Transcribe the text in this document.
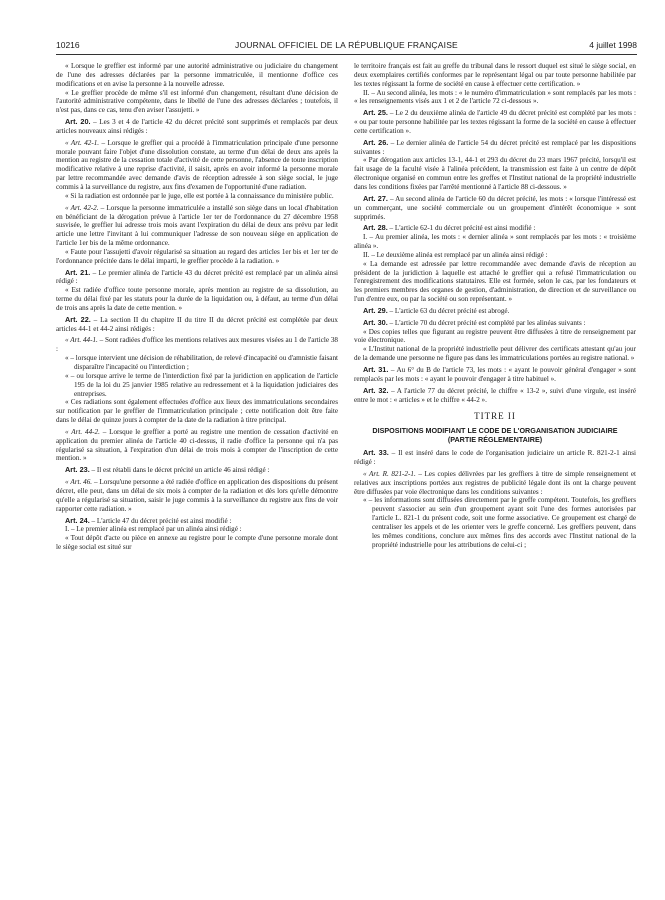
10216	JOURNAL OFFICIEL DE LA RÉPUBLIQUE FRANÇAISE	4 juillet 1998

« Lorsque le greffier est informé par une autorité administrative ou judiciaire du changement de l'une des adresses déclarées par la personne immatriculée, il mentionne d'office ces modifications et en avise la personne à la nouvelle adresse.

« Le greffier procède de même s'il est informé d'un changement, résultant d'une décision de l'autorité administrative compétente, dans le libellé de l'une des adresses déclarées ; toutefois, il n'est pas, dans ce cas, tenu d'en aviser l'assujetti. »

Art. 20. – Les 3 et 4 de l'article 42 du décret précité sont supprimés et remplacés par deux articles nouveaux ainsi rédigés :

« Art. 42-1. – Lorsque le greffier qui a procédé à l'immatriculation principale d'une personne morale pouvant faire l'objet d'une dissolution constate, au terme d'un délai de deux ans après la mention au registre de la cessation totale d'activité de cette personne, l'absence de toute inscription modificative relative à une reprise d'activité, il saisit, après en avoir informé la personne morale par lettre recommandée avec demande d'avis de réception adressée à son siège social, le juge commis à la surveillance du registre, aux fins d'examen de l'opportunité d'une radiation.

« Si la radiation est ordonnée par le juge, elle est portée à la connaissance du ministère public.

« Art. 42-2. – Lorsque la personne immatriculée a installé son siège dans un local d'habitation en bénéficiant de la dérogation prévue à l'article 1er ter de l'ordonnance du 27 décembre 1958 susvisée, le greffier lui adresse trois mois avant l'expiration du délai de deux ans prévu par ledit article une lettre l'invitant à lui communiquer l'adresse de son nouveau siège en application de l'article 1er bis de la même ordonnance.

« Faute pour l'assujetti d'avoir régularisé sa situation au regard des articles 1er bis et 1er ter de l'ordonnance précitée dans le délai imparti, le greffier procède à la radiation. »

Art. 21. – Le premier alinéa de l'article 43 du décret précité est remplacé par un alinéa ainsi rédigé :

« Est radiée d'office toute personne morale, après mention au registre de sa dissolution, au terme du délai fixé par les statuts pour la durée de la liquidation ou, à défaut, au terme d'un délai de trois ans après la date de cette mention. »

Art. 22. – La section II du chapitre II du titre II du décret précité est complétée par deux articles 44-1 et 44-2 ainsi rédigés :

« Art. 44-1. – Sont radiées d'office les mentions relatives aux mesures visées au 1 de l'article 38 :

« – lorsque intervient une décision de réhabilitation, de relevé d'incapacité ou d'amnistie faisant disparaître l'incapacité ou l'interdiction ;
« – ou lorsque arrive le terme de l'interdiction fixé par la juridiction en application de l'article 195 de la loi du 25 janvier 1985 relative au redressement et à la liquidation judiciaires des entreprises.

« Ces radiations sont également effectuées d'office aux lieux des immatriculations secondaires sur notification par le greffier de l'immatriculation principale ; cette notification doit être faite dans le délai de quinze jours à compter de la date de la radiation à titre principal.

« Art. 44-2. – Lorsque le greffier a porté au registre une mention de cessation d'activité en application du premier alinéa de l'article 40 ci-dessus, il radie d'office la personne qui n'a pas régularisé sa situation, à l'expiration d'un délai de trois mois à compter de l'inscription de cette mention. »

Art. 23. – Il est rétabli dans le décret précité un article 46 ainsi rédigé :

« Art. 46. – Lorsqu'une personne a été radiée d'office en application des dispositions du présent décret, elle peut, dans un délai de six mois à compter de la radiation et dès lors qu'elle démontre qu'elle a régularisé sa situation, saisir le juge commis à la surveillance du registre aux fins de voir rapporter cette radiation. »

Art. 24. – L'article 47 du décret précité est ainsi modifié :

I. – Le premier alinéa est remplacé par un alinéa ainsi rédigé :

« Tout dépôt d'acte ou pièce en annexe au registre pour le compte d'une personne morale dont le siège social est situé sur

le territoire français est fait au greffe du tribunal dans le ressort duquel est situé le siège social, en deux exemplaires certifiés conformes par le représentant légal ou par toute personne habilitée par les textes régissant la forme de société en cause à effectuer cette certification. »

II. – Au second alinéa, les mots : « le numéro d'immatriculation » sont remplacés par les mots : « les renseignements visés aux 1 et 2 de l'article 72 ci-dessous ».

Art. 25. – Le 2 du deuxième alinéa de l'article 49 du décret précité est complété par les mots : « ou par toute personne habilitée par les textes régissant la forme de la société en cause à effectuer cette certification ».

Art. 26. – Le dernier alinéa de l'article 54 du décret précité est remplacé par les dispositions suivantes :

« Par dérogation aux articles 13-1, 44-1 et 293 du décret du 23 mars 1967 précité, lorsqu'il est fait usage de la faculté visée à l'alinéa précédent, la transmission est faite à un centre de dépôt électronique organisé en commun entre les greffes et l'Institut national de la propriété industrielle dans les conditions fixées par l'arrêté mentionné à l'article 88 ci-dessous. »

Art. 27. – Au second alinéa de l'article 60 du décret précité, les mots : « lorsque l'intéressé est un commerçant, une société commerciale ou un groupement d'intérêt économique » sont supprimés.

Art. 28. – L'article 62-1 du décret précité est ainsi modifié :

I. – Au premier alinéa, les mots : « dernier alinéa » sont remplacés par les mots : « troisième alinéa ».

II. – Le deuxième alinéa est remplacé par un alinéa ainsi rédigé :

« La demande est adressée par lettre recommandée avec demande d'avis de réception au président de la juridiction à laquelle est attaché le greffier qui a refusé l'immatriculation ou l'enregistrement des modifications statutaires. Elle est formée, selon le cas, par les fondateurs et les premiers membres des organes de gestion, d'administration, de direction et de surveillance ou l'un d'entre eux, ou par la société ou son représentant. »

Art. 29. – L'article 63 du décret précité est abrogé.

Art. 30. – L'article 70 du décret précité est complété par les alinéas suivants :

« Des copies telles que figurant au registre peuvent être diffusées à titre de renseignement par voie électronique.

« L'Institut national de la propriété industrielle peut délivrer des certificats attestant qu'au jour de la demande une personne ne figure pas dans les immatriculations portées au registre national. »

Art. 31. – Au 6° du B de l'article 73, les mots : « ayant le pouvoir général d'engager » sont remplacés par les mots : « ayant le pouvoir d'engager à titre habituel ».

Art. 32. – A l'article 77 du décret précité, le chiffre « 13-2 », suivi d'une virgule, est inséré entre le mot : « articles » et le chiffre « 44-2 ».

TITRE II
DISPOSITIONS MODIFIANT LE CODE DE L'ORGANISATION JUDICIAIRE (PARTIE RÉGLEMENTAIRE)

Art. 33. – Il est inséré dans le code de l'organisation judiciaire un article R. 821-2-1 ainsi rédigé :

« Art. R. 821-2-1. – Les copies délivrées par les greffiers à titre de simple renseignement et relatives aux inscriptions portées aux registres de publicité légale dont ils ont la charge peuvent être diffusées par voie électronique dans les conditions suivantes :

« – les informations sont diffusées directement par le greffe compétent. Toutefois, les greffiers peuvent s'associer au sein d'un groupement ayant soit l'une des formes autorisées par l'article L. 821-1 du présent code, soit une forme associative. Ce groupement est chargé de centraliser les appels et de les orienter vers le greffe concerné. Les greffiers peuvent, dans les mêmes conditions, conclure aux mêmes fins des accords avec l'Institut national de la propriété industrielle pour les attributions de celui-ci ;
